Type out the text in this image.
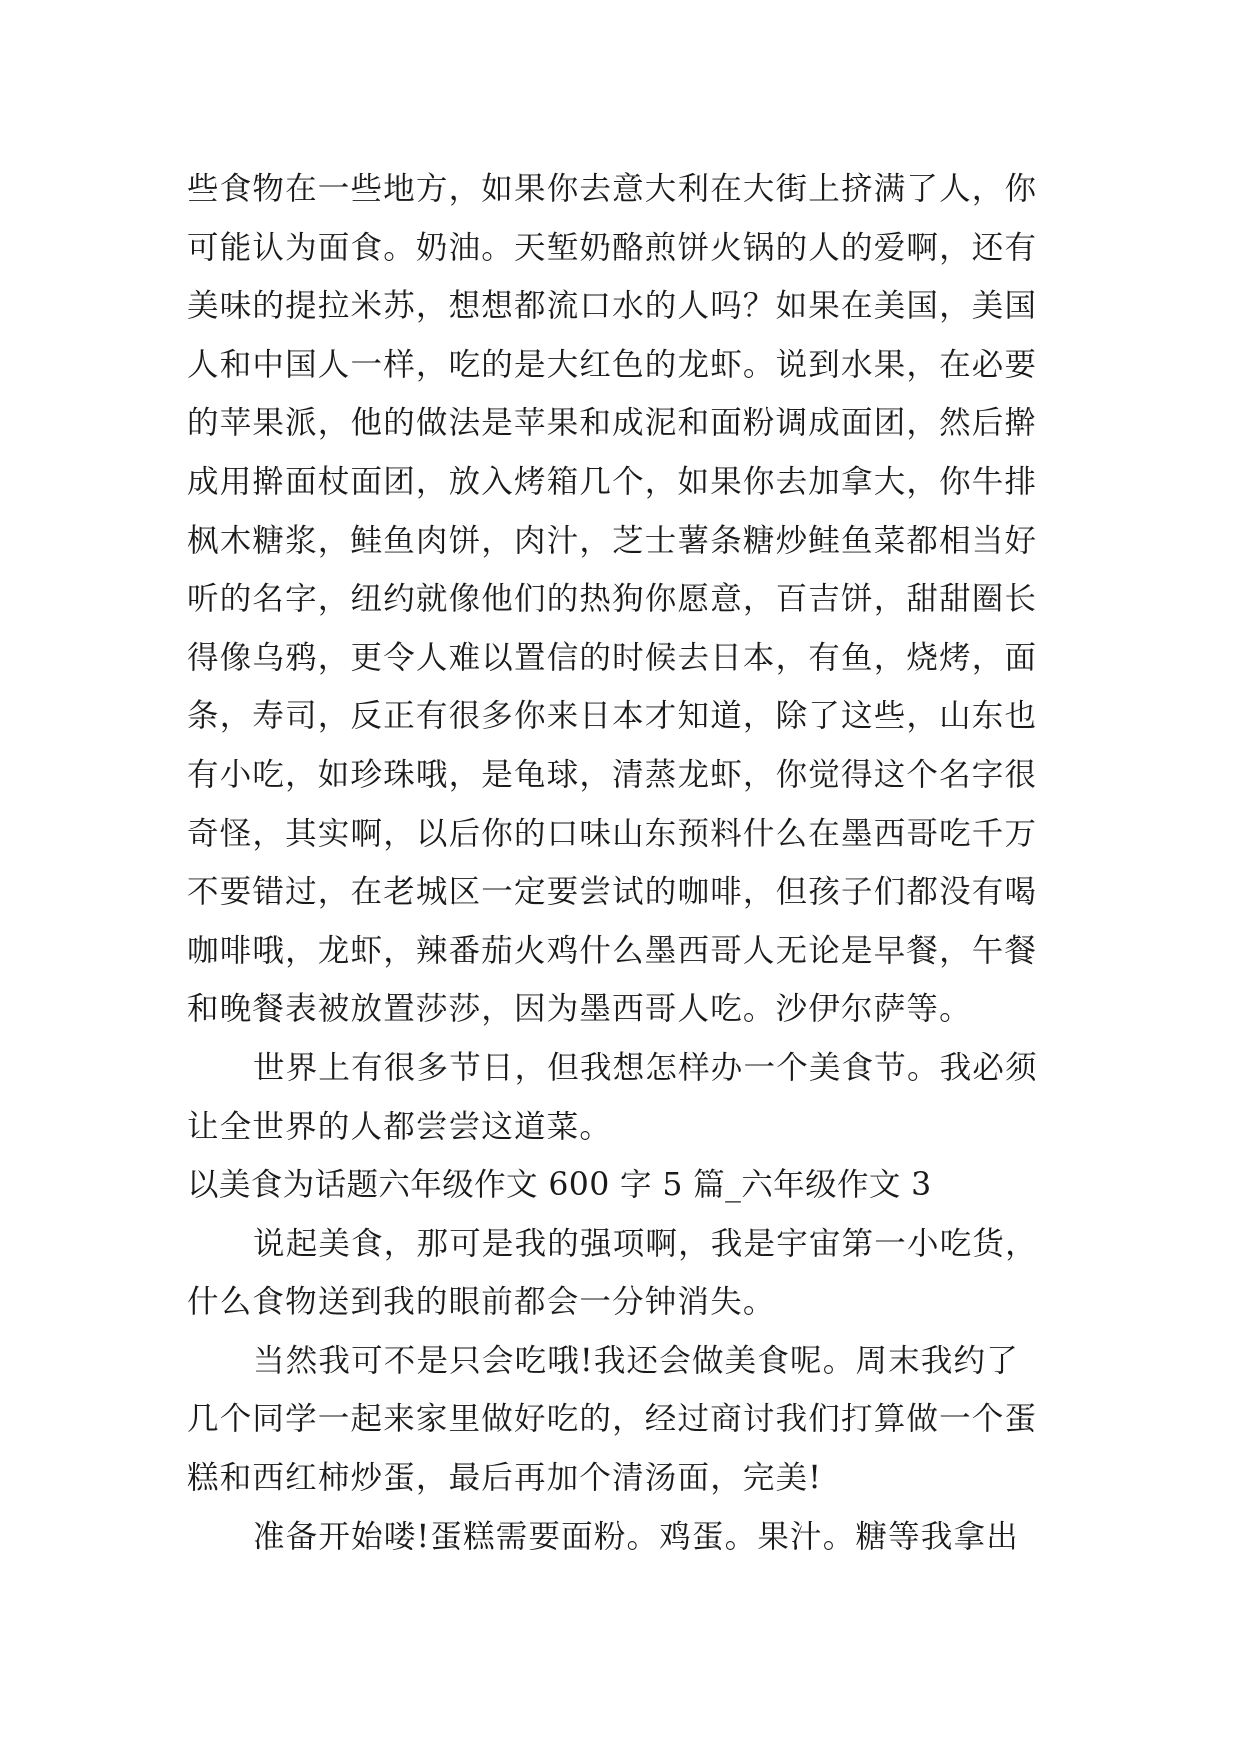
些食物在一些地方，如果你去意大利在大街上挤满了人，你
可能认为面食。奶油。天堑奶酪煎饼火锅的人的爱啊，还有
美味的提拉米苏，想想都流口水的人吗？如果在美国，美国
人和中国人一样，吃的是大红色的龙虾。说到水果，在必要
的苹果派，他的做法是苹果和成泥和面粉调成面团，然后擀
成用擀面杖面团，放入烤箱几个，如果你去加拿大，你牛排
枫木糖浆，鲑鱼肉饼，肉汁，芝士薯条糖炒鲑鱼菜都相当好
听的名字，纽约就像他们的热狗你愿意，百吉饼，甜甜圈长
得像乌鸦，更令人难以置信的时候去日本，有鱼，烧烤，面
条，寿司，反正有很多你来日本才知道，除了这些，山东也
有小吃，如珍珠哦，是龟球，清蒸龙虾，你觉得这个名字很
奇怪，其实啊，以后你的口味山东预料什么在墨西哥吃千万
不要错过，在老城区一定要尝试的咖啡，但孩子们都没有喝
咖啡哦，龙虾，辣番茄火鸡什么墨西哥人无论是早餐，午餐
和晚餐表被放置莎莎，因为墨西哥人吃。沙伊尔萨等。
世界上有很多节日，但我想怎样办一个美食节。我必须
让全世界的人都尝尝这道菜。
以美食为话题六年级作文 600 字 5 篇_六年级作文 3
说起美食，那可是我的强项啊，我是宇宙第一小吃货，
什么食物送到我的眼前都会一分钟消失。
当然我可不是只会吃哦!我还会做美食呢。周末我约了
几个同学一起来家里做好吃的，经过商讨我们打算做一个蛋
糕和西红柿炒蛋，最后再加个清汤面，完美!
准备开始喽!蛋糕需要面粉。鸡蛋。果汁。糖等我拿出
